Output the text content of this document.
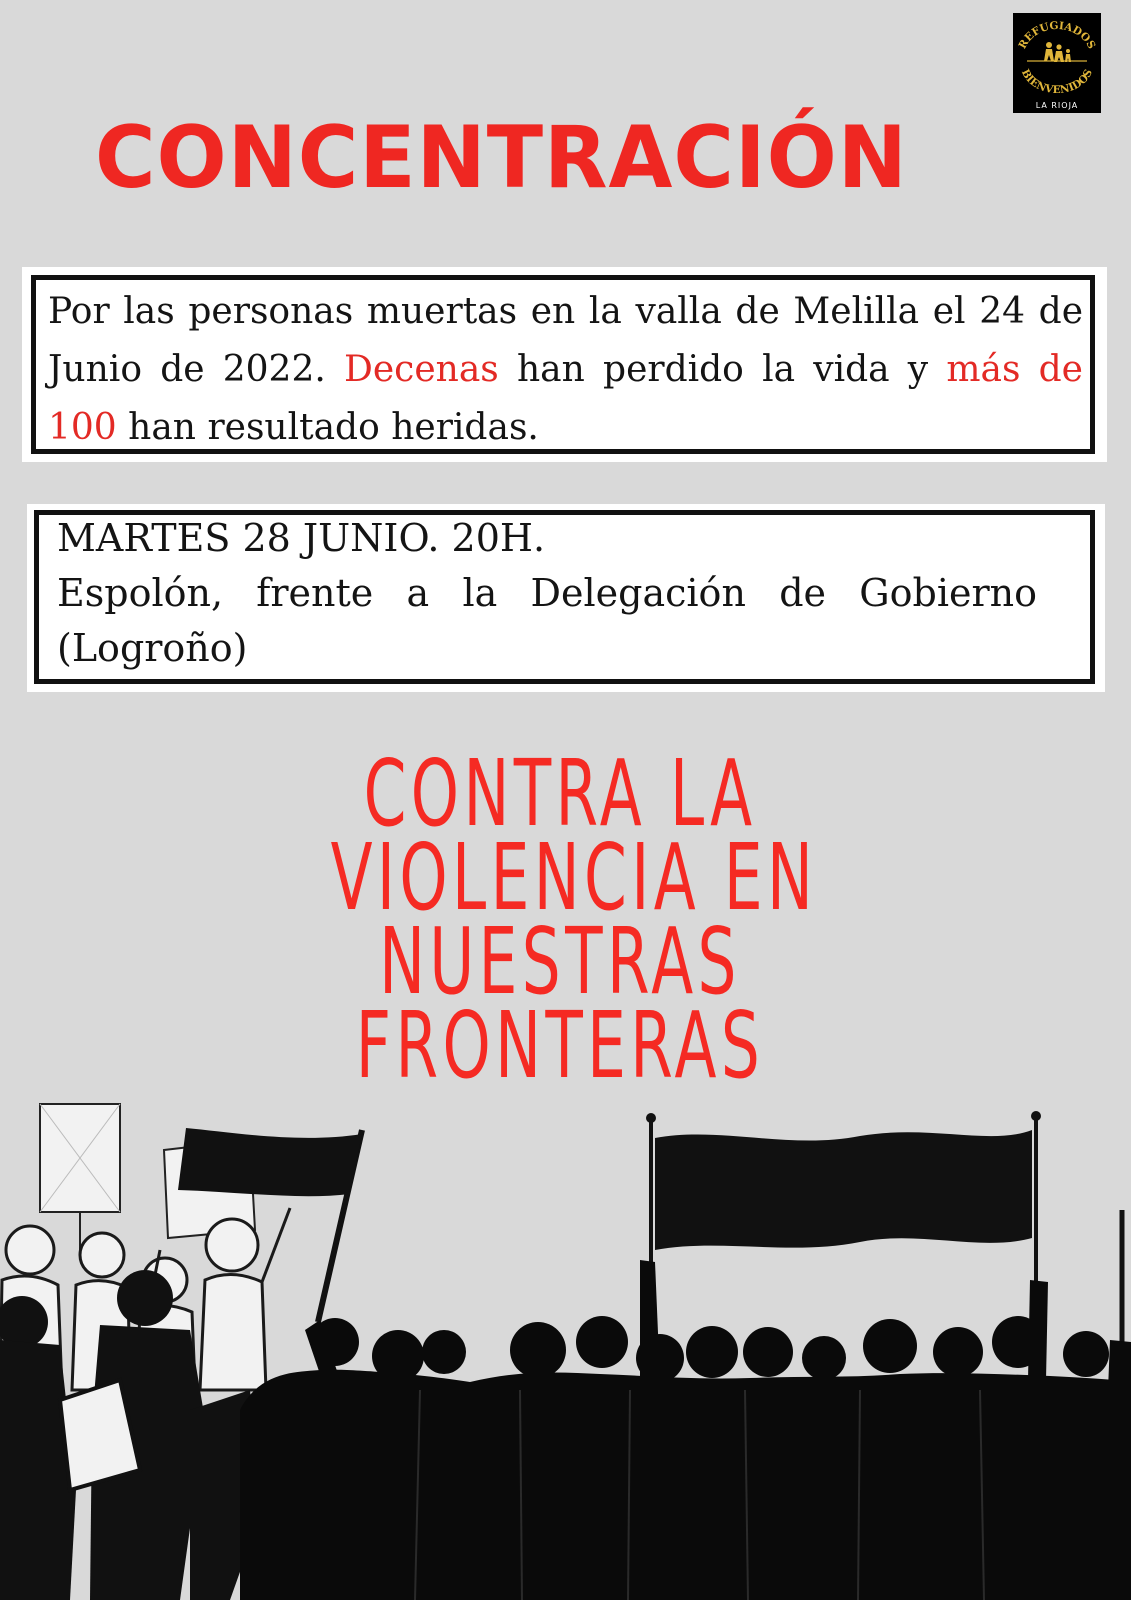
REFUGIADOS
BIENVENIDOS
LA RIOJA
CONCENTRACIÓN
Por las personas muertas en la valla de Melilla el 24 de Junio de 2022. Decenas han perdido la vida y más de 100 han resultado heridas.
MARTES 28 JUNIO. 20H.
Espolón, frente a la Delegación de Gobierno (Logroño)
CONTRA LA
VIOLENCIA EN
NUESTRAS
FRONTERAS
